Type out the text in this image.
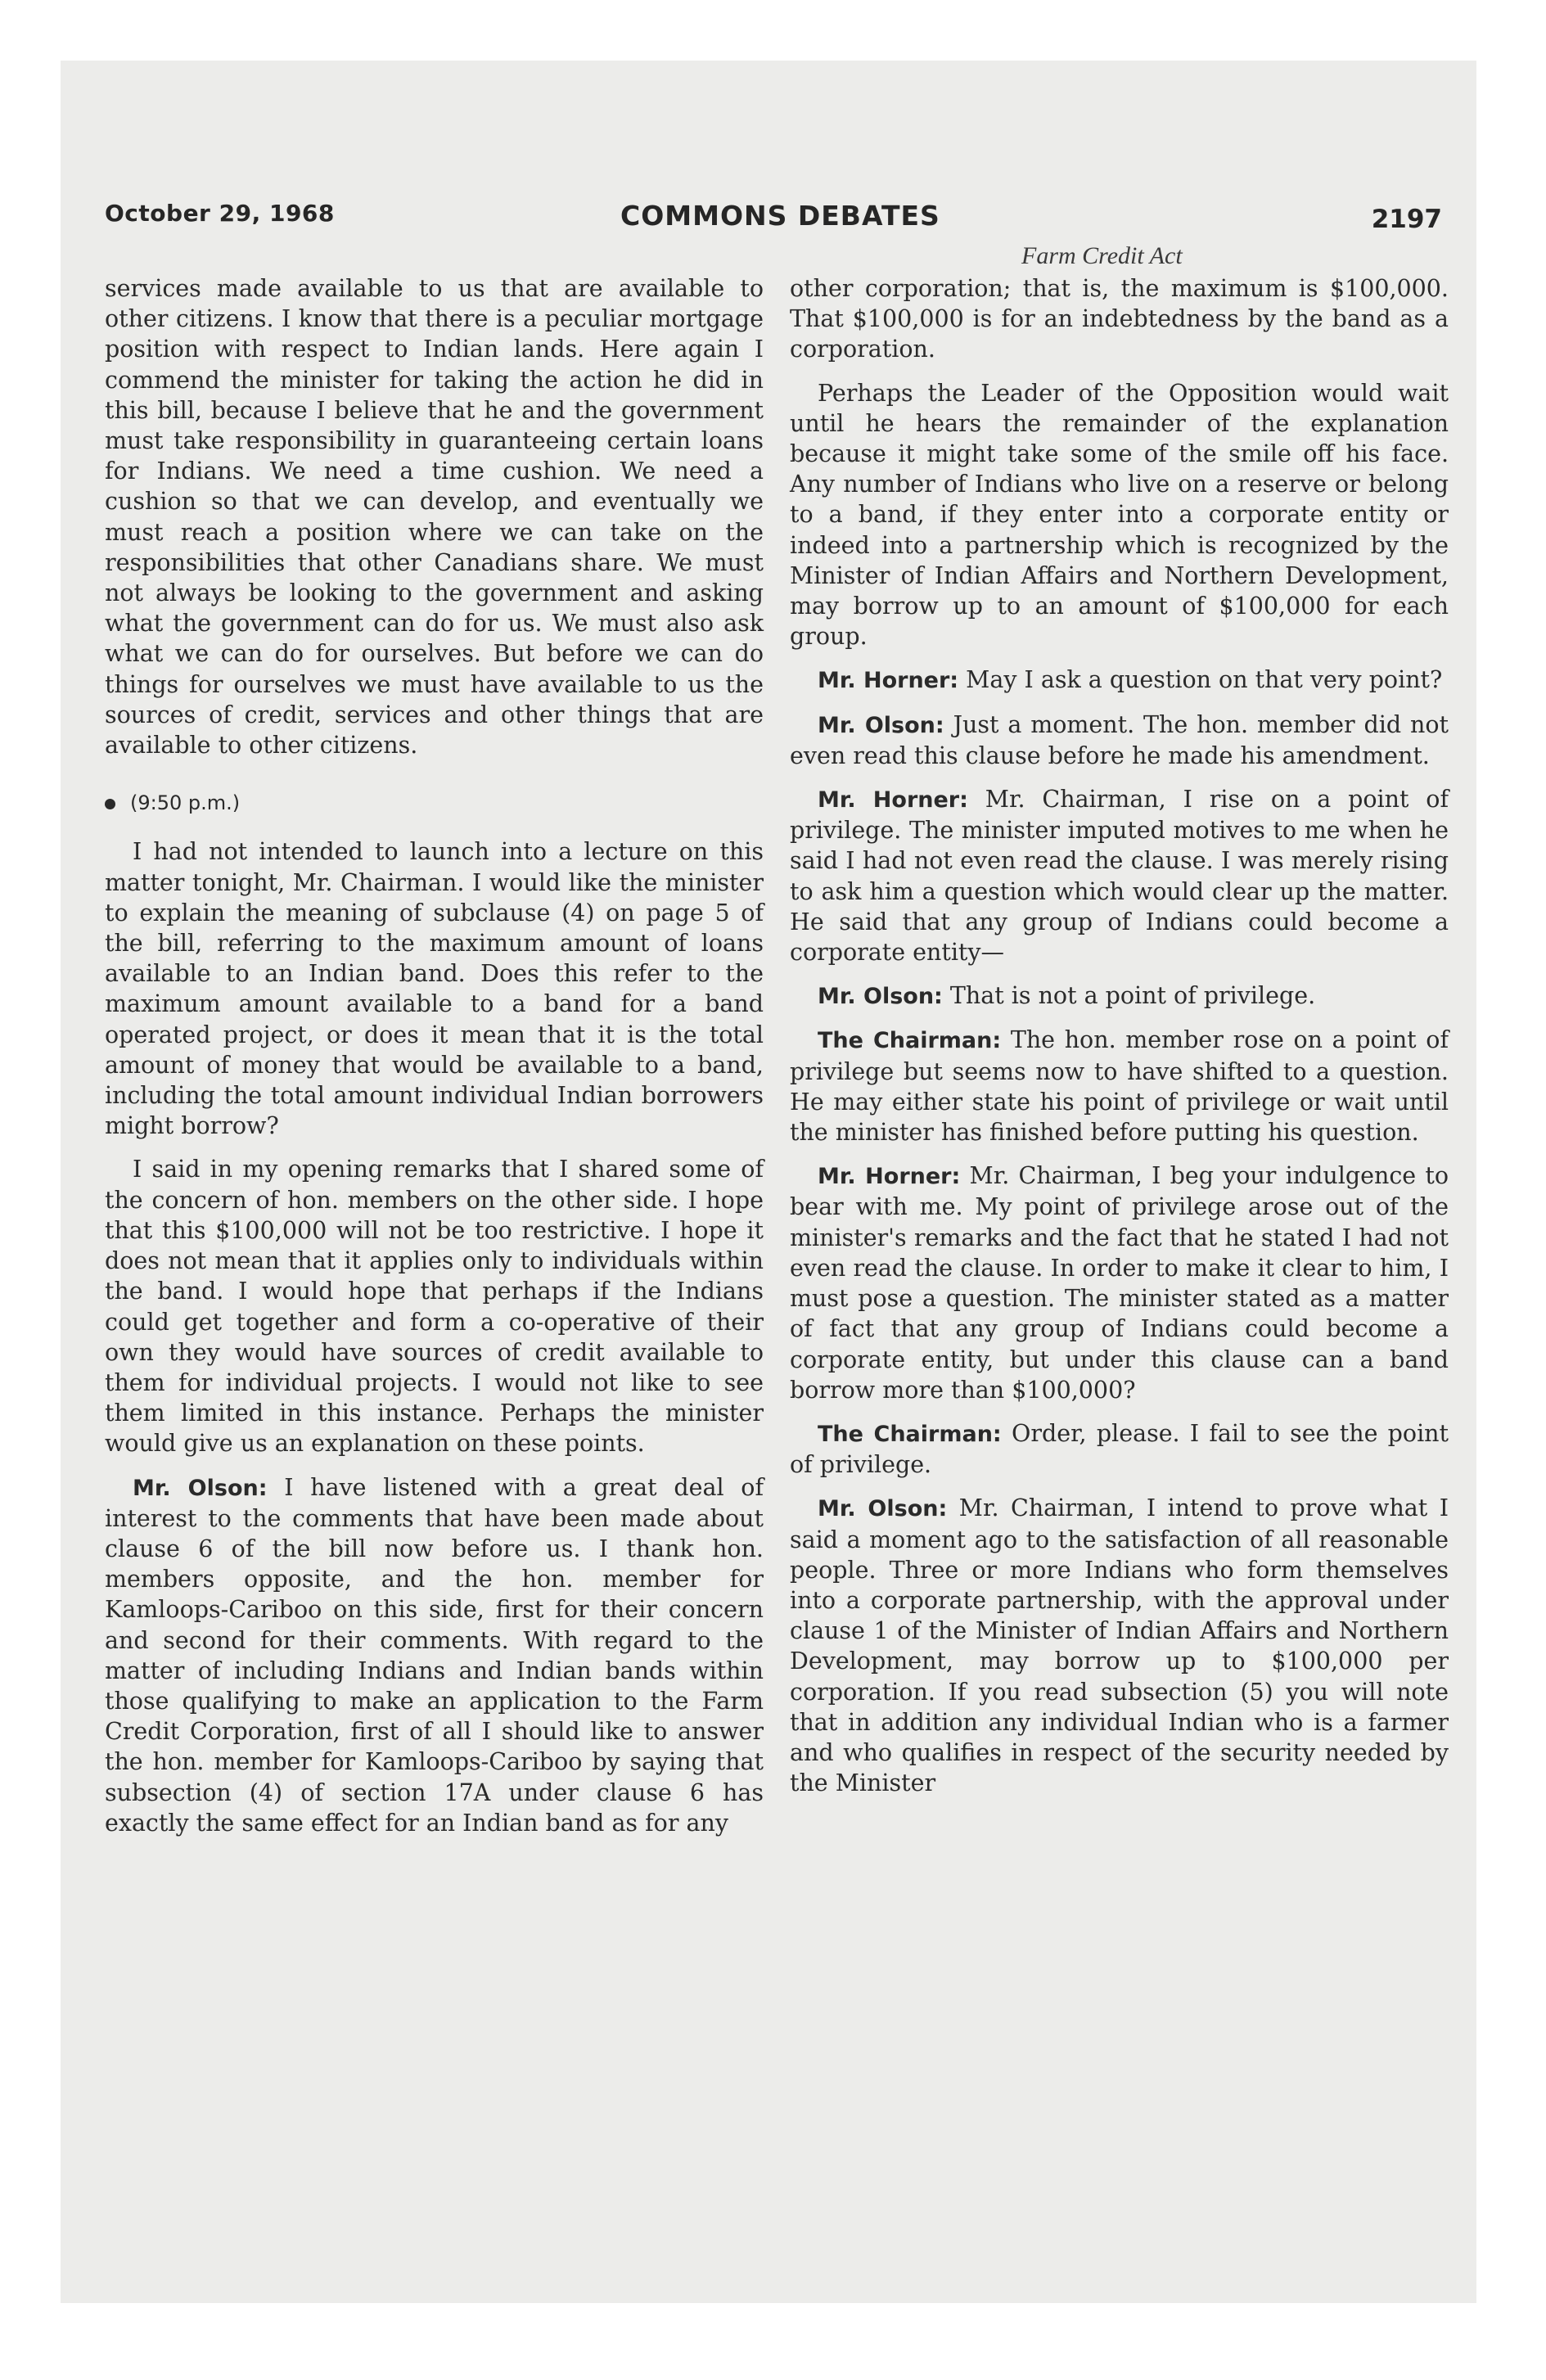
October 29, 1968	COMMONS DEBATES	2197
Farm Credit Act

services made available to us that are available to other citizens. I know that there is a peculiar mortgage position with respect to Indian lands. Here again I commend the minister for taking the action he did in this bill, because I believe that he and the government must take responsibility in guaranteeing certain loans for Indians. We need a time cushion. We need a cushion so that we can develop, and eventually we must reach a position where we can take on the responsibilities that other Canadians share. We must not always be looking to the government and asking what the government can do for us. We must also ask what we can do for ourselves. But before we can do things for ourselves we must have available to us the sources of credit, services and other things that are available to other citizens.

(9:50 p.m.)

I had not intended to launch into a lecture on this matter tonight, Mr. Chairman. I would like the minister to explain the meaning of subclause (4) on page 5 of the bill, referring to the maximum amount of loans available to an Indian band. Does this refer to the maximum amount available to a band for a band operated project, or does it mean that it is the total amount of money that would be available to a band, including the total amount individual Indian borrowers might borrow?

I said in my opening remarks that I shared some of the concern of hon. members on the other side. I hope that this $100,000 will not be too restrictive. I hope it does not mean that it applies only to individuals within the band. I would hope that perhaps if the Indians could get together and form a co-operative of their own they would have sources of credit available to them for individual projects. I would not like to see them limited in this instance. Perhaps the minister would give us an explanation on these points.

Mr. Olson: I have listened with a great deal of interest to the comments that have been made about clause 6 of the bill now before us. I thank hon. members opposite, and the hon. member for Kamloops-Cariboo on this side, first for their concern and second for their comments. With regard to the matter of including Indians and Indian bands within those qualifying to make an application to the Farm Credit Corporation, first of all I should like to answer the hon. member for Kamloops-Cariboo by saying that subsection (4) of section 17A under clause 6 has exactly the same effect for an Indian band as for any

other corporation; that is, the maximum is $100,000. That $100,000 is for an indebtedness by the band as a corporation.

Perhaps the Leader of the Opposition would wait until he hears the remainder of the explanation because it might take some of the smile off his face. Any number of Indians who live on a reserve or belong to a band, if they enter into a corporate entity or indeed into a partnership which is recognized by the Minister of Indian Affairs and Northern Development, may borrow up to an amount of $100,000 for each group.

Mr. Horner: May I ask a question on that very point?

Mr. Olson: Just a moment. The hon. member did not even read this clause before he made his amendment.

Mr. Horner: Mr. Chairman, I rise on a point of privilege. The minister imputed motives to me when he said I had not even read the clause. I was merely rising to ask him a question which would clear up the matter. He said that any group of Indians could become a corporate entity—

Mr. Olson: That is not a point of privilege.

The Chairman: The hon. member rose on a point of privilege but seems now to have shifted to a question. He may either state his point of privilege or wait until the minister has finished before putting his question.

Mr. Horner: Mr. Chairman, I beg your indulgence to bear with me. My point of privilege arose out of the minister's remarks and the fact that he stated I had not even read the clause. In order to make it clear to him, I must pose a question. The minister stated as a matter of fact that any group of Indians could become a corporate entity, but under this clause can a band borrow more than $100,000?

The Chairman: Order, please. I fail to see the point of privilege.

Mr. Olson: Mr. Chairman, I intend to prove what I said a moment ago to the satisfaction of all reasonable people. Three or more Indians who form themselves into a corporate partnership, with the approval under clause 1 of the Minister of Indian Affairs and Northern Development, may borrow up to $100,000 per corporation. If you read subsection (5) you will note that in addition any individual Indian who is a farmer and who qualifies in respect of the security needed by the Minister
